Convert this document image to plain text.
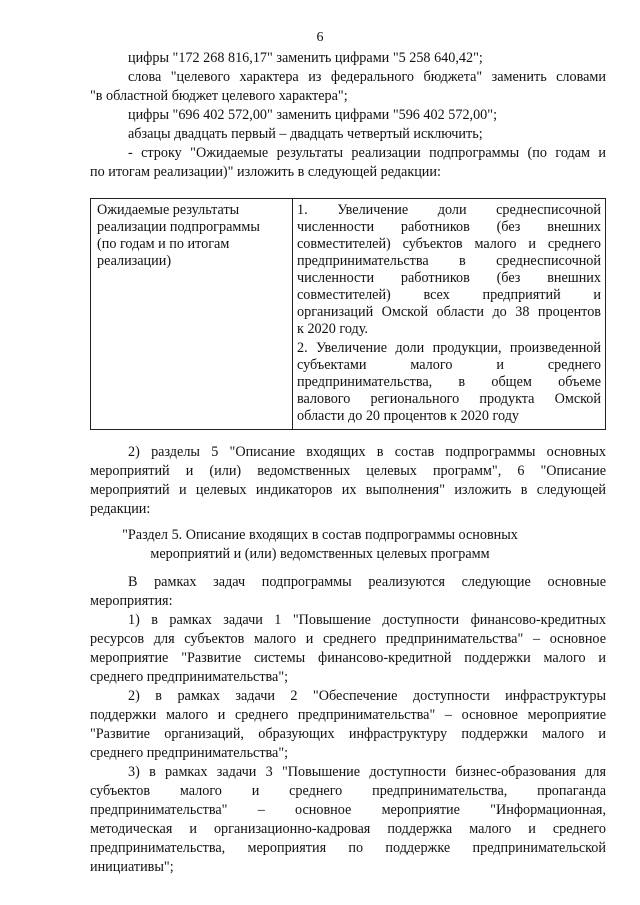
6
цифры "172 268 816,17" заменить цифрами "5 258 640,42";
слова "целевого характера из федерального бюджета" заменить словами
"в областной бюджет целевого характера";
цифры "696 402 572,00" заменить цифрами "596 402 572,00";
абзацы двадцать первый – двадцать четвертый исключить;
- строку "Ожидаемые результаты реализации подпрограммы (по годам и
по итогам реализации)" изложить в следующей редакции:
Ожидаемые результаты
реализации подпрограммы
(по годам и по итогам
реализации)
1. Увеличение доли среднесписочной
численности работников (без внешних
совместителей) субъектов малого и среднего
предпринимательства в среднесписочной
численности работников (без внешних
совместителей) всех предприятий и
организаций Омской области до 38 процентов
к 2020 году.
2. Увеличение доли продукции, произведенной
субъектами малого и среднего
предпринимательства, в общем объеме
валового регионального продукта Омской
области до 20 процентов к 2020 году
2) разделы 5 "Описание входящих в состав подпрограммы основных
мероприятий и (или) ведомственных целевых программ", 6 "Описание
мероприятий и целевых индикаторов их выполнения" изложить в следующей
редакции:
"Раздел 5. Описание входящих в состав подпрограммы основных
мероприятий и (или) ведомственных целевых программ
В рамках задач подпрограммы реализуются следующие основные
мероприятия:
1) в рамках задачи 1 "Повышение доступности финансово-кредитных
ресурсов для субъектов малого и среднего предпринимательства" – основное
мероприятие "Развитие системы финансово-кредитной поддержки малого и
среднего предпринимательства";
2) в рамках задачи 2 "Обеспечение доступности инфраструктуры
поддержки малого и среднего предпринимательства" – основное мероприятие
"Развитие организаций, образующих инфраструктуру поддержки малого и
среднего предпринимательства";
3) в рамках задачи 3 "Повышение доступности бизнес-образования для
субъектов малого и среднего предпринимательства, пропаганда
предпринимательства" – основное мероприятие "Информационная,
методическая и организационно-кадровая поддержка малого и среднего
предпринимательства, мероприятия по поддержке предпринимательской
инициативы";
